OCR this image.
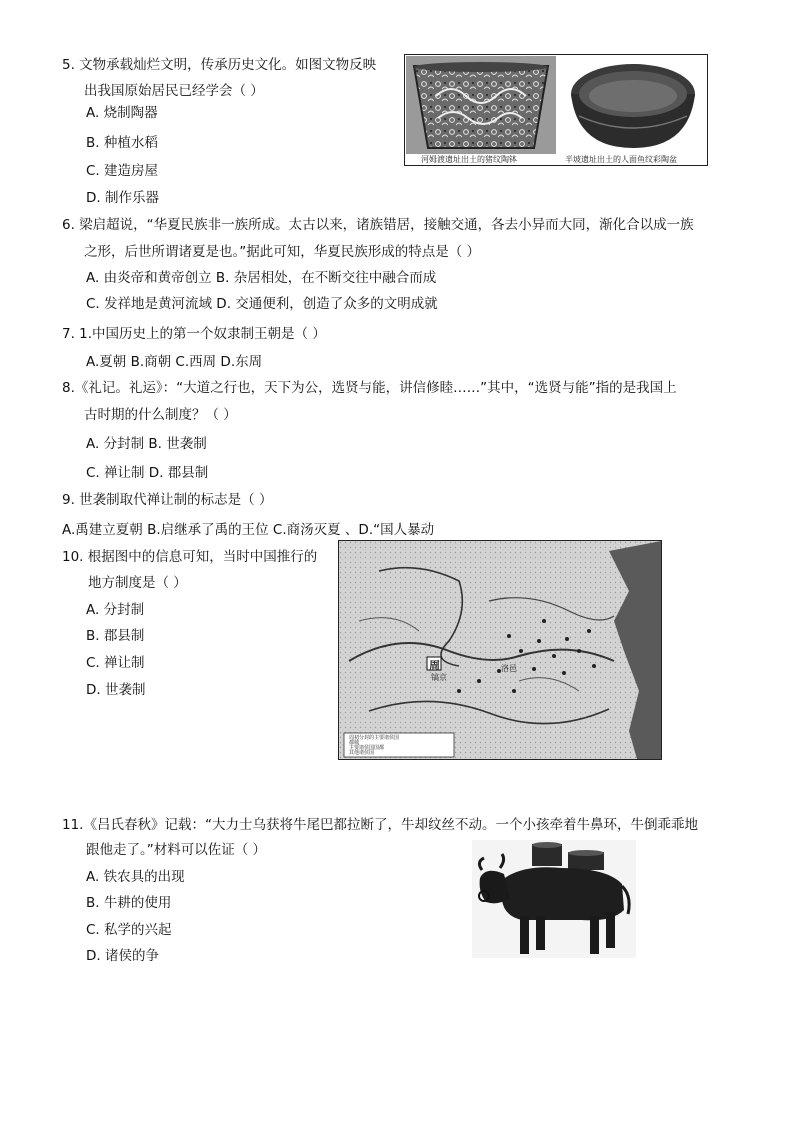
5. 文物承载灿烂文明，传承历史文化。如图文物反映
出我国原始居民已经学会（ ）
A. 烧制陶器
B. 种植水稻
C. 建造房屋
D. 制作乐器
河姆渡遗址出土的猪纹陶钵	半坡遗址出土的人面鱼纹彩陶盆
6. 梁启超说，“华夏民族非一族所成。太古以来，诸族错居，接触交通，各去小异而大同，渐化合以成一族
之形，后世所谓诸夏是也。”据此可知，华夏民族形成的特点是（ ）
A. 由炎帝和黄帝创立 B. 杂居相处，在不断交往中融合而成
C. 发祥地是黄河流域 D. 交通便利，创造了众多的文明成就
7. 1.中国历史上的第一个奴隶制王朝是（ ）
A.夏朝 B.商朝 C.西周 D.东周
8.《礼记。礼运》：“大道之行也，天下为公，选贤与能，讲信修睦……”其中，“选贤与能”指的是我国上
古时期的什么制度？（ ）
A. 分封制 B. 世袭制
C. 禅让制 D. 郡县制
9. 世袭制取代禅让制的标志是（ ）
A.禹建立夏朝 B.启继承了禹的王位 C.商汤灭夏 、D.“国人暴动
10. 根据图中的信息可知，当时中国推行的
地方制度是（ ）
A. 分封制
B. 郡县制
C. 禅让制
D. 世袭制
周
镐京
洛邑
周初分封的主要诸侯国
都城
主要诸侯国国都
其他诸侯国
11.《吕氏春秋》记载：“大力士乌获将牛尾巴都拉断了，牛却纹丝不动。一个小孩牵着牛鼻环，牛倒乖乖地
跟他走了。”材料可以佐证（ ）
A. 铁农具的出现
B. 牛耕的使用
C. 私学的兴起
D. 诸侯的争
